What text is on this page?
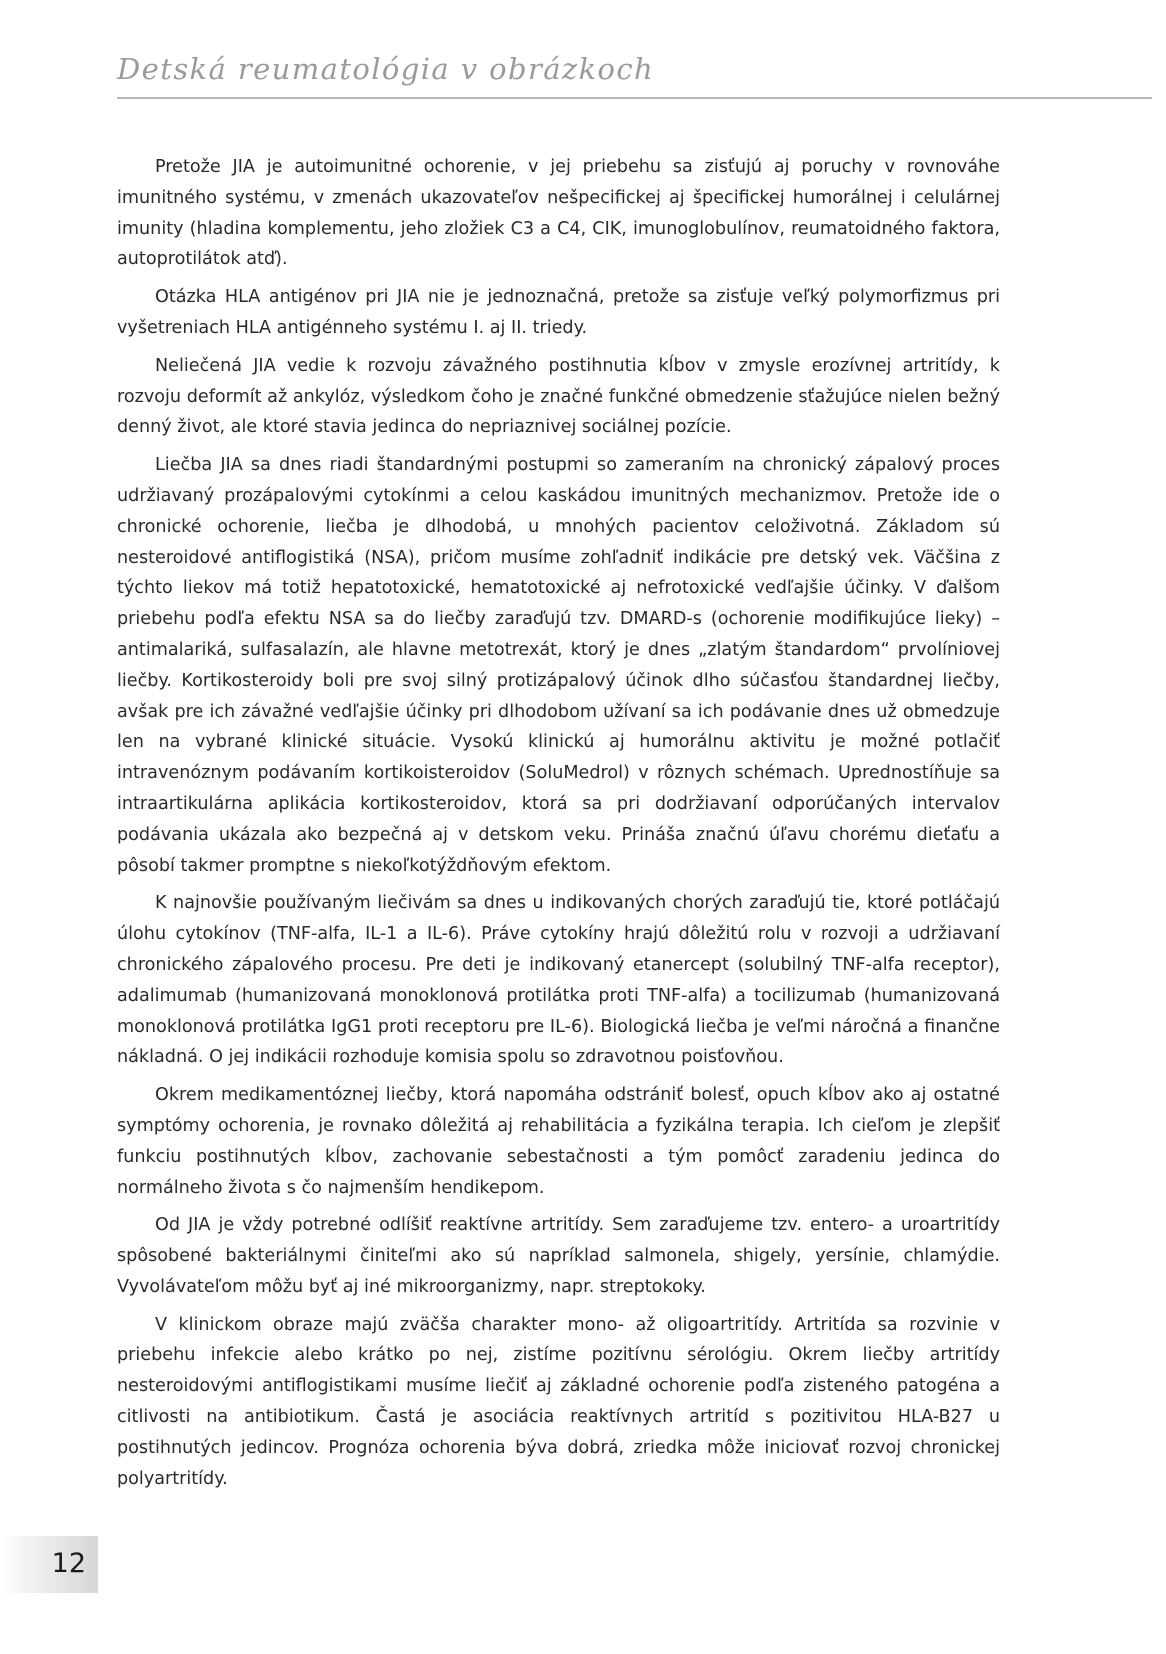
Detská reumatológia v obrázkoch

Pretože JIA je autoimunitné ochorenie, v jej priebehu sa zisťujú aj poruchy v rovnováhe imunitného systému, v zmenách ukazovateľov nešpecifickej aj špecifickej humorálnej i celulárnej imunity (hladina komplementu, jeho zložiek C3 a C4, CIK, imunoglobulínov, reumatoidného faktora, autoprotilátok atď).

Otázka HLA antigénov pri JIA nie je jednoznačná, pretože sa zisťuje veľký polymorfizmus pri vyšetreniach HLA antigénneho systému I. aj II. triedy.

Neliečená JIA vedie k rozvoju závažného postihnutia kĺbov v zmysle erozívnej artritídy, k rozvoju deformít až ankylóz, výsledkom čoho je značné funkčné obmedzenie sťažujúce nielen bežný denný život, ale ktoré stavia jedinca do nepriaznivej sociálnej pozície.

Liečba JIA sa dnes riadi štandardnými postupmi so zameraním na chronický zápalový proces udržiavaný prozápalovými cytokínmi a celou kaskádou imunitných mechanizmov. Pretože ide o chronické ochorenie, liečba je dlhodobá, u mnohých pacientov celoživotná. Základom sú nesteroidové antiflogistiká (NSA), pričom musíme zohľadniť indikácie pre detský vek. Väčšina z týchto liekov má totiž hepatotoxické, hematotoxické aj nefrotoxické vedľajšie účinky. V ďalšom priebehu podľa efektu NSA sa do liečby zaraďujú tzv. DMARD-s (ochorenie modifikujúce lieky) – antimalariká, sulfasalazín, ale hlavne metotrexát, ktorý je dnes „zlatým štandardom“ prvolíniovej liečby. Kortikosteroidy boli pre svoj silný protizápalový účinok dlho súčasťou štandardnej liečby, avšak pre ich závažné vedľajšie účinky pri dlhodobom užívaní sa ich podávanie dnes už obmedzuje len na vybrané klinické situácie. Vysokú klinickú aj humorálnu aktivitu je možné potlačiť intravenóznym podávaním kortikoisteroidov (SoluMedrol) v rôznych schémach. Uprednostíňuje sa intraartikulárna aplikácia kortikosteroidov, ktorá sa pri dodržiavaní odporúčaných intervalov podávania ukázala ako bezpečná aj v detskom veku. Prináša značnú úľavu chorému dieťaťu a pôsobí takmer promptne s niekoľkotýždňovým efektom.

K najnovšie používaným liečivám sa dnes u indikovaných chorých zaraďujú tie, ktoré potláčajú úlohu cytokínov (TNF-alfa, IL-1 a IL-6). Práve cytokíny hrajú dôležitú rolu v rozvoji a udržiavaní chronického zápalového procesu. Pre deti je indikovaný etanercept (solubilný TNF-alfa receptor), adalimumab (humanizovaná monoklonová protilátka proti TNF-alfa) a tocilizumab (humanizovaná monoklonová protilátka IgG1 proti receptoru pre IL-6). Biologická liečba je veľmi náročná a finančne nákladná. O jej indikácii rozhoduje komisia spolu so zdravotnou poisťovňou.

Okrem medikamentóznej liečby, ktorá napomáha odstrániť bolesť, opuch kĺbov ako aj ostatné symptómy ochorenia, je rovnako dôležitá aj rehabilitácia a fyzikálna terapia. Ich cieľom je zlepšiť funkciu postihnutých kĺbov, zachovanie sebestačnosti a tým pomôcť zaradeniu jedinca do normálneho života s čo najmenším hendikepom.

Od JIA je vždy potrebné odlíšiť reaktívne artritídy. Sem zaraďujeme tzv. entero- a uroartritídy spôsobené bakteriálnymi činiteľmi ako sú napríklad salmonela, shigely, yersínie, chlamýdie. Vyvolávateľom môžu byť aj iné mikroorganizmy, napr. streptokoky.

V klinickom obraze majú zväčša charakter mono- až oligoartritídy. Artritída sa rozvinie v priebehu infekcie alebo krátko po nej, zistíme pozitívnu sérológiu. Okrem liečby artritídy nesteroidovými antiflogistikami musíme liečiť aj základné ochorenie podľa zisteného patogéna a citlivosti na antibiotikum. Častá je asociácia reaktívnych artritíd s pozitivitou HLA-B27 u postihnutých jedincov. Prognóza ochorenia býva dobrá, zriedka môže iniciovať rozvoj chronickej polyartritídy.

12
